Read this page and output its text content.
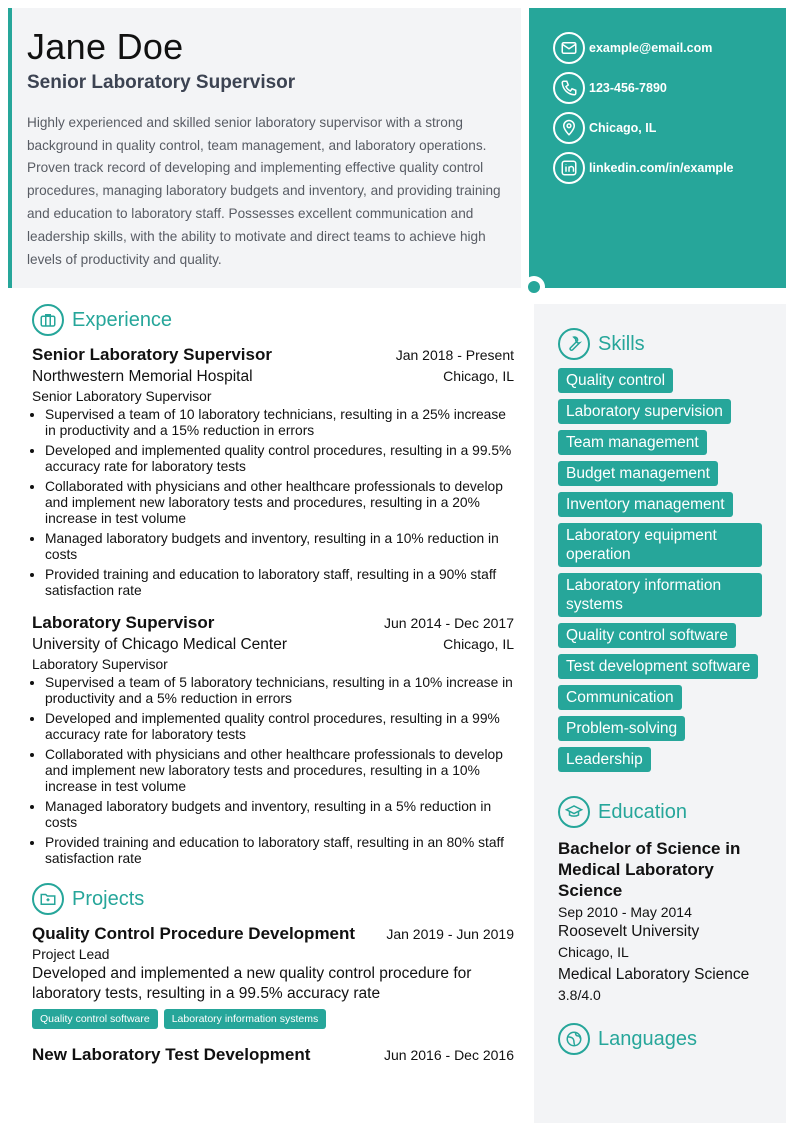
Jane Doe
Senior Laboratory Supervisor
Highly experienced and skilled senior laboratory supervisor with a strong background in quality control, team management, and laboratory operations. Proven track record of developing and implementing effective quality control procedures, managing laboratory budgets and inventory, and providing training and education to laboratory staff. Possesses excellent communication and leadership skills, with the ability to motivate and direct teams to achieve high levels of productivity and quality.
example@email.com
123-456-7890
Chicago, IL
linkedin.com/in/example
Experience
Senior Laboratory Supervisor	Jan 2018 - Present
Northwestern Memorial Hospital	Chicago, IL
Senior Laboratory Supervisor
• Supervised a team of 10 laboratory technicians, resulting in a 25% increase in productivity and a 15% reduction in errors
• Developed and implemented quality control procedures, resulting in a 99.5% accuracy rate for laboratory tests
• Collaborated with physicians and other healthcare professionals to develop and implement new laboratory tests and procedures, resulting in a 20% increase in test volume
• Managed laboratory budgets and inventory, resulting in a 10% reduction in costs
• Provided training and education to laboratory staff, resulting in a 90% staff satisfaction rate
Laboratory Supervisor	Jun 2014 - Dec 2017
University of Chicago Medical Center	Chicago, IL
Laboratory Supervisor
• Supervised a team of 5 laboratory technicians, resulting in a 10% increase in productivity and a 5% reduction in errors
• Developed and implemented quality control procedures, resulting in a 99% accuracy rate for laboratory tests
• Collaborated with physicians and other healthcare professionals to develop and implement new laboratory tests and procedures, resulting in a 10% increase in test volume
• Managed laboratory budgets and inventory, resulting in a 5% reduction in costs
• Provided training and education to laboratory staff, resulting in an 80% staff satisfaction rate
Projects
Quality Control Procedure Development Jan 2019 - Jun 2019
Project Lead
Developed and implemented a new quality control procedure for laboratory tests, resulting in a 99.5% accuracy rate
Quality control software	Laboratory information systems
New Laboratory Test Development	Jun 2016 - Dec 2016
Skills
Quality control
Laboratory supervision
Team management
Budget management
Inventory management
Laboratory equipment operation
Laboratory information systems
Quality control software
Test development software
Communication
Problem-solving
Leadership
Education
Bachelor of Science in Medical Laboratory Science
Sep 2010 - May 2014
Roosevelt University
Chicago, IL
Medical Laboratory Science
3.8/4.0
Languages
